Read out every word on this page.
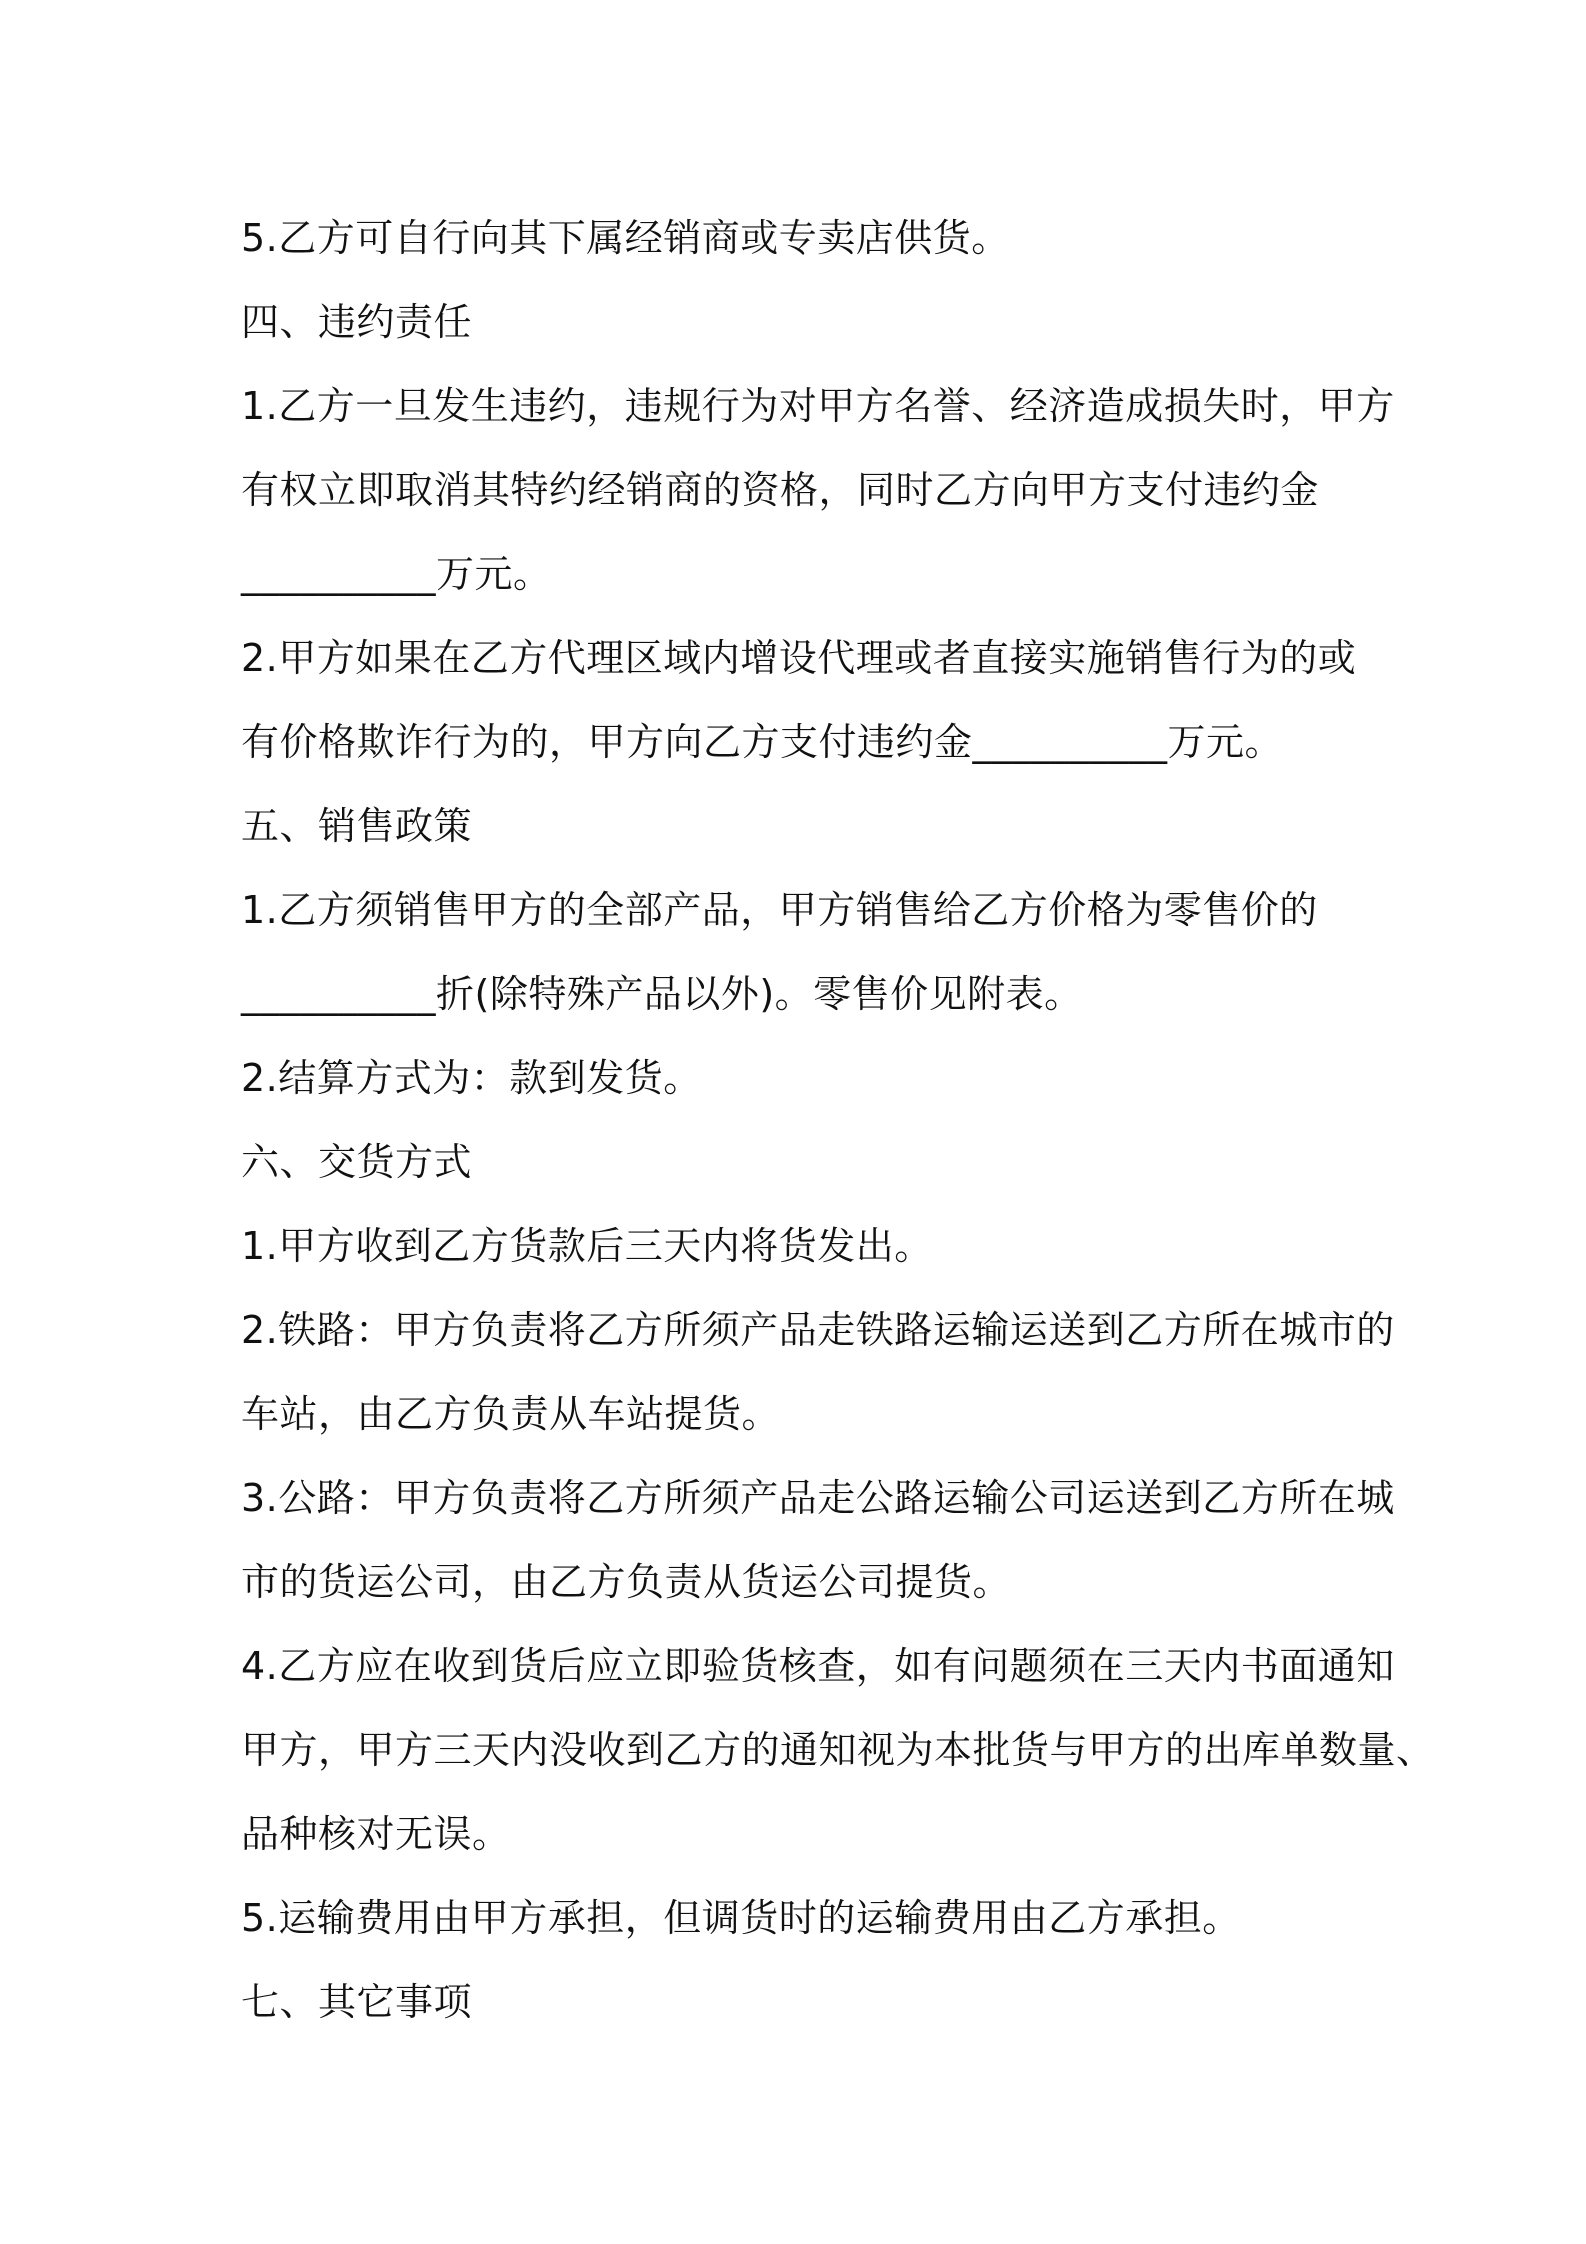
5.乙方可自行向其下属经销商或专卖店供货。
四、违约责任
1.乙方一旦发生违约，违规行为对甲方名誉、经济造成损失时，甲方
有权立即取消其特约经销商的资格，同时乙方向甲方支付违约金
__________万元。
2.甲方如果在乙方代理区域内增设代理或者直接实施销售行为的或
有价格欺诈行为的，甲方向乙方支付违约金__________万元。
五、销售政策
1.乙方须销售甲方的全部产品，甲方销售给乙方价格为零售价的
__________折(除特殊产品以外)。零售价见附表。
2.结算方式为：款到发货。
六、交货方式
1.甲方收到乙方货款后三天内将货发出。
2.铁路：甲方负责将乙方所须产品走铁路运输运送到乙方所在城市的
车站，由乙方负责从车站提货。
3.公路：甲方负责将乙方所须产品走公路运输公司运送到乙方所在城
市的货运公司，由乙方负责从货运公司提货。
4.乙方应在收到货后应立即验货核查，如有问题须在三天内书面通知
甲方，甲方三天内没收到乙方的通知视为本批货与甲方的出库单数量、
品种核对无误。
5.运输费用由甲方承担，但调货时的运输费用由乙方承担。
七、其它事项
